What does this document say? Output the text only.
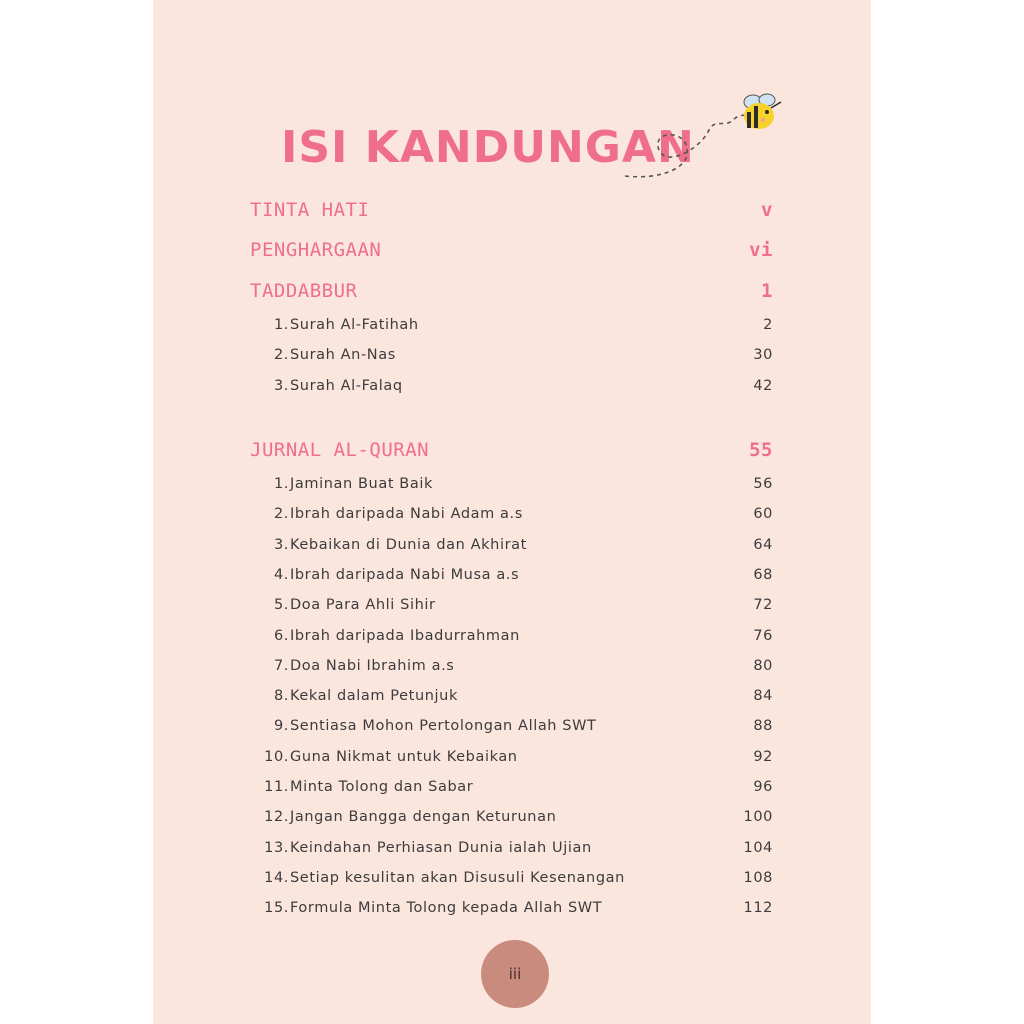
ISI KANDUNGAN
TINTA HATI	v
PENGHARGAAN	vi
TADDABBUR	1
1. Surah Al-Fatihah	2
2. Surah An-Nas	30
3. Surah Al-Falaq	42
JURNAL AL-QURAN	55
1. Jaminan Buat Baik	56
2. Ibrah daripada Nabi Adam a.s	60
3. Kebaikan di Dunia dan Akhirat	64
4. Ibrah daripada Nabi Musa a.s	68
5. Doa Para Ahli Sihir	72
6. Ibrah daripada Ibadurrahman	76
7. Doa Nabi Ibrahim a.s	80
8. Kekal dalam Petunjuk	84
9. Sentiasa Mohon Pertolongan Allah SWT	88
10. Guna Nikmat untuk Kebaikan	92
11. Minta Tolong dan Sabar	96
12. Jangan Bangga dengan Keturunan	100
13. Keindahan Perhiasan Dunia ialah Ujian	104
14. Setiap kesulitan akan Disusuli Kesenangan	108
15. Formula Minta Tolong kepada Allah SWT	112
iii
